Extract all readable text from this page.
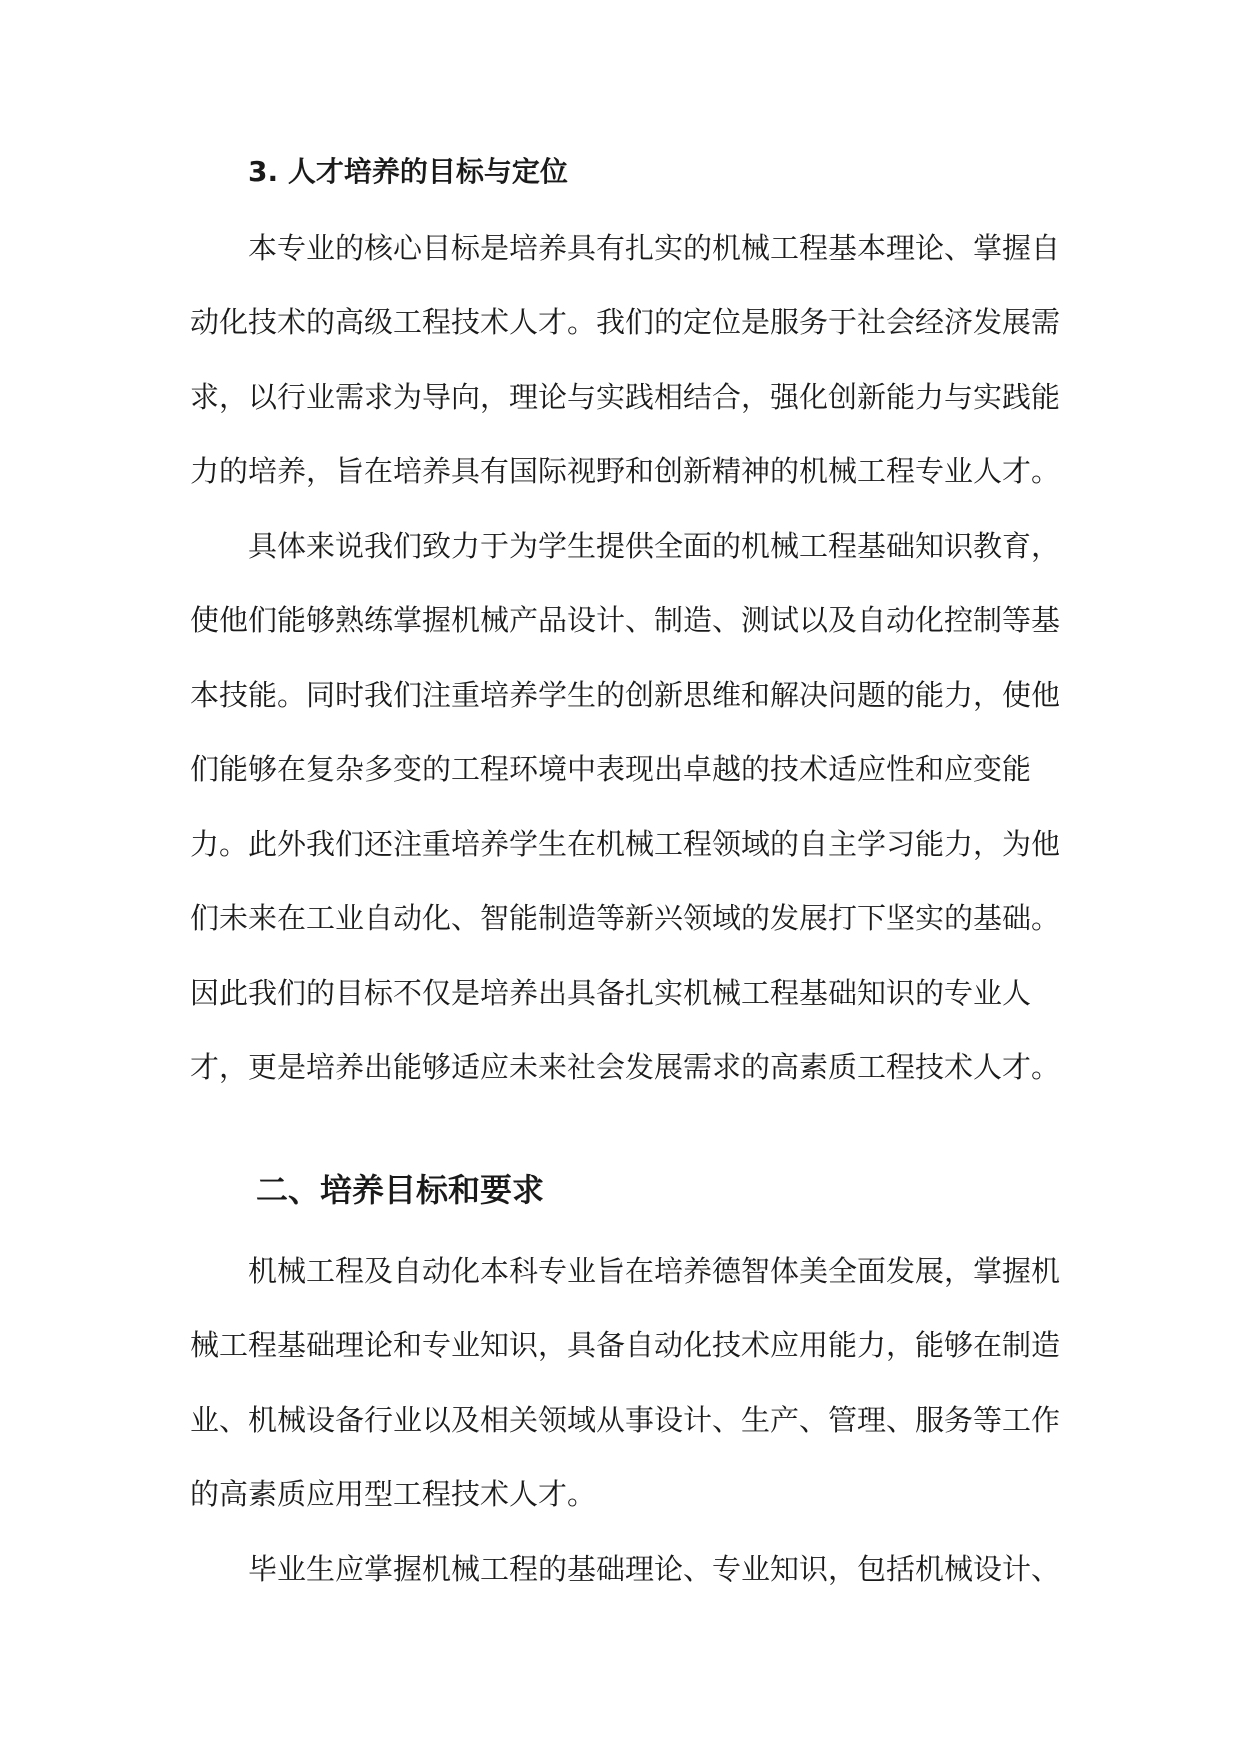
3. 人才培养的目标与定位
本专业的核心目标是培养具有扎实的机械工程基本理论、掌握自
动化技术的高级工程技术人才。我们的定位是服务于社会经济发展需
求，以行业需求为导向，理论与实践相结合，强化创新能力与实践能
力的培养，旨在培养具有国际视野和创新精神的机械工程专业人才。
具体来说我们致力于为学生提供全面的机械工程基础知识教育，
使他们能够熟练掌握机械产品设计、制造、测试以及自动化控制等基
本技能。同时我们注重培养学生的创新思维和解决问题的能力，使他
们能够在复杂多变的工程环境中表现出卓越的技术适应性和应变能
力。此外我们还注重培养学生在机械工程领域的自主学习能力，为他
们未来在工业自动化、智能制造等新兴领域的发展打下坚实的基础。
因此我们的目标不仅是培养出具备扎实机械工程基础知识的专业人
才，更是培养出能够适应未来社会发展需求的高素质工程技术人才。
二、培养目标和要求
机械工程及自动化本科专业旨在培养德智体美全面发展，掌握机
械工程基础理论和专业知识，具备自动化技术应用能力，能够在制造
业、机械设备行业以及相关领域从事设计、生产、管理、服务等工作
的高素质应用型工程技术人才。
毕业生应掌握机械工程的基础理论、专业知识，包括机械设计、
